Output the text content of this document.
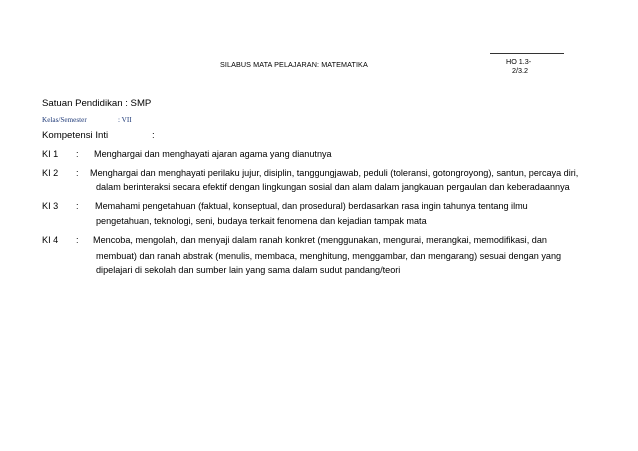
SILABUS MATA PELAJARAN: MATEMATIKA	HO 1.3-
2/3.2
Satuan Pendidikan : SMP
Kelas/Semester	: VII
Kompetensi Inti	:
KI 1 : Menghargai dan menghayati ajaran agama yang dianutnya
KI 2 : Menghargai dan menghayati perilaku jujur, disiplin, tanggungjawab, peduli (toleransi, gotongroyong), santun, percaya diri,
dalam berinteraksi secara efektif dengan lingkungan sosial dan alam dalam jangkauan pergaulan dan keberadaannya
KI 3 : Memahami pengetahuan (faktual, konseptual, dan prosedural) berdasarkan rasa ingin tahunya tentang ilmu
pengetahuan, teknologi, seni, budaya terkait fenomena dan kejadian tampak mata
KI 4 : Mencoba, mengolah, dan menyaji dalam ranah konkret (menggunakan, mengurai, merangkai, memodifikasi, dan
membuat) dan ranah abstrak (menulis, membaca, menghitung, menggambar, dan mengarang) sesuai dengan yang
dipelajari di sekolah dan sumber lain yang sama dalam sudut pandang/teori
